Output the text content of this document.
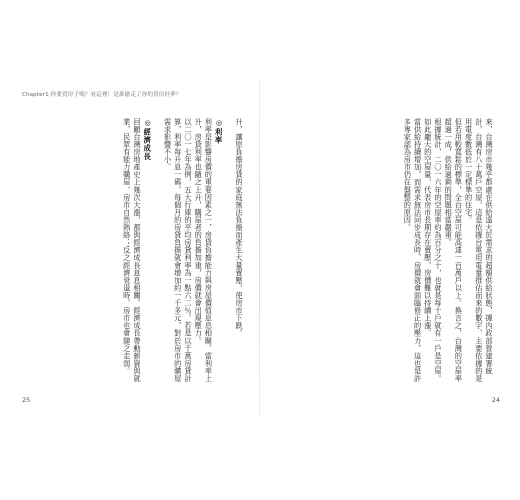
Chapter1 你要買房子嗎？看這裡！是誰偷走了你的買房好夢？

升，讓原負擔房貸的家庭無法負擔而產生大量賣壓，使房市下跌。

◎利率

利率是影響房價的重要因素之一，房貸負擔能力與房屋價值息息相關。當利率上升，房貸利率也隨之上升，購屋者的負擔加重，房價就會出現壓力。

以二〇一七年為例，五大行庫的平均房貸利率為一點六二％。若是以千萬房貸計算，利率每升息一碼，每個月的房貸負擔就會增加約一千多元，對於房市的購屋需求影響不小。

◎經濟成長

回顧台灣房地產史上幾次大漲，都與經濟成長息息相關。經濟成長帶動薪資與就業，民眾有能力購屋，房市自然熱絡；反之經濟衰退時，房市也會隨之走弱。

25

來，台灣房市幾乎都處在供給遠大於需求的超額供給狀態，據內政部營建署統計，台灣有八十萬戶空屋，這是依據台電用電量推估而來的數字，主要依據的是用電度數低於一定標準的住宅。

但若用較寬鬆的標準，全台空屋可能高達一百萬戶以上。換言之，台灣的空屋率超過一成，供給過剩的問題相當嚴重。

根據統計，二〇一六年的空屋率約為百分之十，也就是每十戶就有一戶是空屋。如此龐大的空屋量，代表房市長期存在賣壓，房價難以持續上漲。

當供給持續增加，而需求無法同步成長時，房價就會面臨修正的壓力，這也是許多專家認為房市仍在盤整的原因。

24
